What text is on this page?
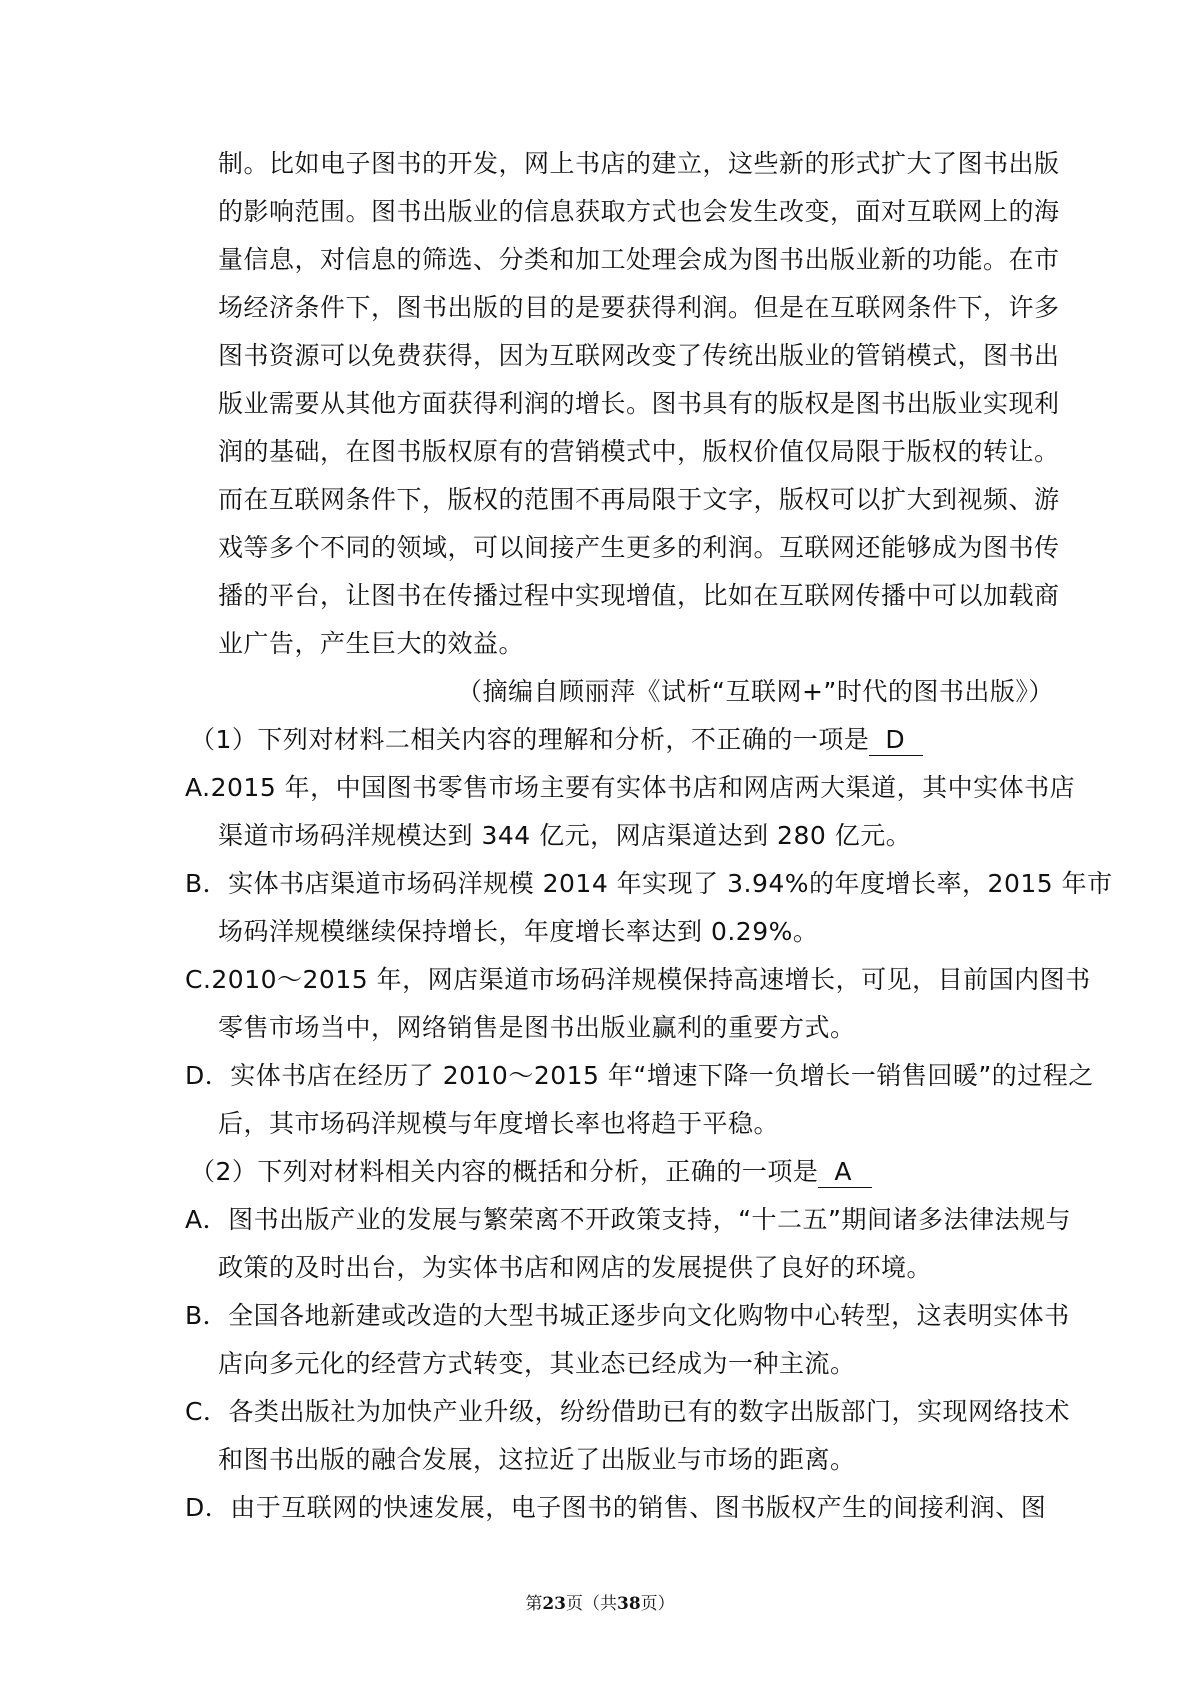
制。比如电子图书的开发，网上书店的建立，这些新的形式扩大了图书出版
的影响范围。图书出版业的信息获取方式也会发生改变，面对互联网上的海
量信息，对信息的筛选、分类和加工处理会成为图书出版业新的功能。在市
场经济条件下，图书出版的目的是要获得利润。但是在互联网条件下，许多
图书资源可以免费获得，因为互联网改变了传统出版业的管销模式，图书出
版业需要从其他方面获得利润的增长。图书具有的版权是图书出版业实现利
润的基础，在图书版权原有的营销模式中，版权价值仅局限于版权的转让。
而在互联网条件下，版权的范围不再局限于文字，版权可以扩大到视频、游
戏等多个不同的领域，可以间接产生更多的利润。互联网还能够成为图书传
播的平台，让图书在传播过程中实现增值，比如在互联网传播中可以加载商
业广告，产生巨大的效益。
（摘编自顾丽萍《试析“互联网+”时代的图书出版》）
（1）下列对材料二相关内容的理解和分析，不正确的一项是 D
A.2015 年，中国图书零售市场主要有实体书店和网店两大渠道，其中实体书店
渠道市场码洋规模达到 344 亿元，网店渠道达到 280 亿元。
B．实体书店渠道市场码洋规模 2014 年实现了 3.94%的年度增长率，2015 年市
场码洋规模继续保持增长，年度增长率达到 0.29%。
C.2010～2015 年，网店渠道市场码洋规模保持高速增长，可见，目前国内图书
零售市场当中，网络销售是图书出版业赢利的重要方式。
D．实体书店在经历了 2010～2015 年“增速下降一负增长一销售回暖”的过程之
后，其市场码洋规模与年度增长率也将趋于平稳。
（2）下列对材料相关内容的概括和分析，正确的一项是 A
A．图书出版产业的发展与繁荣离不开政策支持，“十二五”期间诸多法律法规与
政策的及时出台，为实体书店和网店的发展提供了良好的环境。
B．全国各地新建或改造的大型书城正逐步向文化购物中心转型，这表明实体书
店向多元化的经营方式转变，其业态已经成为一种主流。
C．各类出版社为加快产业升级，纷纷借助已有的数字出版部门，实现网络技术
和图书出版的融合发展，这拉近了出版业与市场的距离。
D．由于互联网的快速发展，电子图书的销售、图书版权产生的间接利润、图
第23页（共38页）
